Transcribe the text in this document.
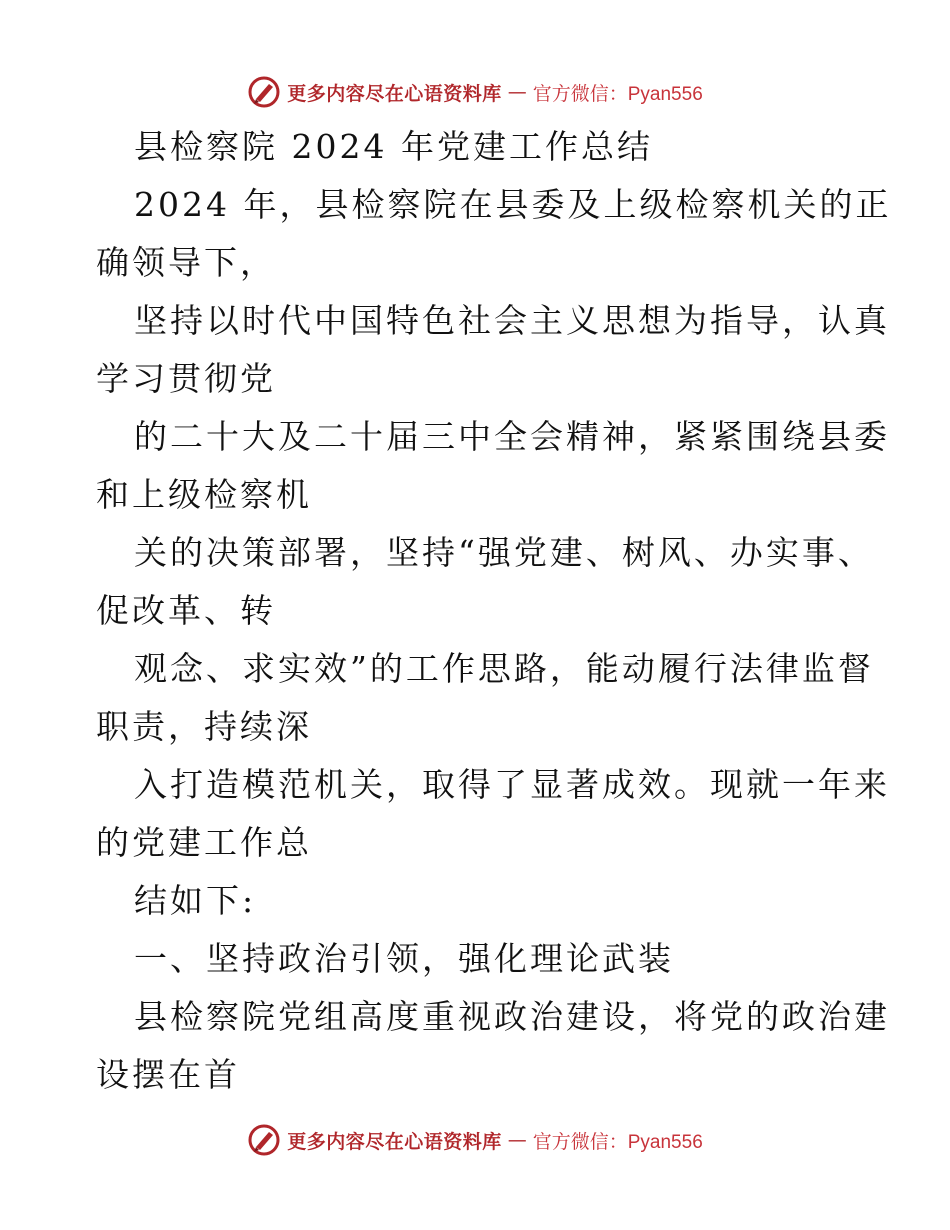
更多内容尽在心语资料库 — 官方微信：Pyan556

县检察院 2024 年党建工作总结

2024 年，县检察院在县委及上级检察机关的正

确领导下，

坚持以时代中国特色社会主义思想为指导，认真

学习贯彻党

的二十大及二十届三中全会精神，紧紧围绕县委

和上级检察机

关的决策部署，坚持“强党建、树风、办实事、

促改革、转

观念、求实效”的工作思路，能动履行法律监督

职责，持续深

入打造模范机关，取得了显著成效。现就一年来

的党建工作总

结如下:

一、坚持政治引领，强化理论武装

县检察院党组高度重视政治建设，将党的政治建

设摆在首

更多内容尽在心语资料库 — 官方微信：Pyan556
